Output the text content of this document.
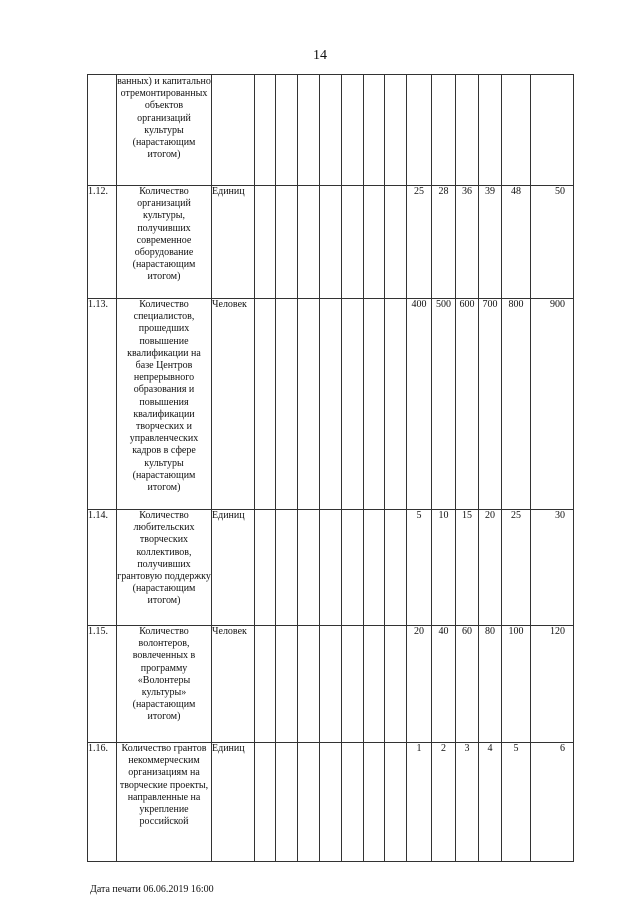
14
	ванных) и капитально отремонтированных объектов организаций культуры (нарастающим итогом)														
1.12.	Количество организаций культуры, получивших современное оборудование (нарастающим итогом)	Единиц								25	28	36	39	48	50
1.13.	Количество специалистов, прошедших повышение квалификации на базе Центров непрерывного образования и повышения квалификации творческих и управленческих кадров в сфере культуры (нарастающим итогом)	Человек								400	500	600	700	800	900
1.14.	Количество любительских творческих коллективов, получивших грантовую поддержку (нарастающим итогом)	Единиц								5	10	15	20	25	30
1.15.	Количество волонтеров, вовлеченных в программу «Волонтеры культуры» (нарастающим итогом)	Человек								20	40	60	80	100	120
1.16.	Количество грантов некоммерческим организациям на творческие проекты, направленные на укрепление российской	Единиц								1	2	3	4	5	6
Дата печати 06.06.2019 16:00
